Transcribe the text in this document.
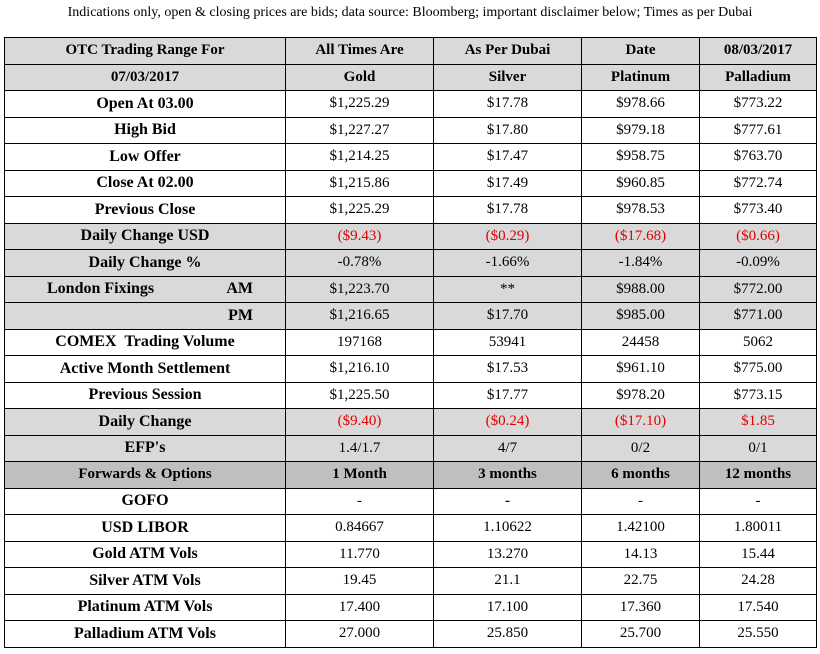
Indications only, open & closing prices are bids; data source: Bloomberg; important disclaimer below; Times as per Dubai
OTC Trading Range For	All Times Are	As Per Dubai	Date	08/03/2017
07/03/2017	Gold	Silver	Platinum	Palladium
Open At 03.00	$1,225.29	$17.78	$978.66	$773.22
High Bid	$1,227.27	$17.80	$979.18	$777.61
Low Offer	$1,214.25	$17.47	$958.75	$763.70
Close At 02.00	$1,215.86	$17.49	$960.85	$772.74
Previous Close	$1,225.29	$17.78	$978.53	$773.40
Daily Change USD	($9.43)	($0.29)	($17.68)	($0.66)
Daily Change %	-0.78%	-1.66%	-1.84%	-0.09%

London Fixings AM	$1,223.70	**	$988.00	$772.00

PM	$1,216.65	$17.70	$985.00	$771.00
COMEX  Trading Volume	197168	53941	24458	5062
Active Month Settlement	$1,216.10	$17.53	$961.10	$775.00
Previous Session	$1,225.50	$17.77	$978.20	$773.15
Daily Change	($9.40)	($0.24)	($17.10)	$1.85
EFP's	1.4/1.7	4/7	0/2	0/1
Forwards & Options	1 Month	3 months	6 months	12 months
GOFO	-	-	-	-
USD LIBOR	0.84667	1.10622	1.42100	1.80011
Gold ATM Vols	11.770	13.270	14.13	15.44
Silver ATM Vols	19.45	21.1	22.75	24.28
Platinum ATM Vols	17.400	17.100	17.360	17.540
Palladium ATM Vols	27.000	25.850	25.700	25.550
